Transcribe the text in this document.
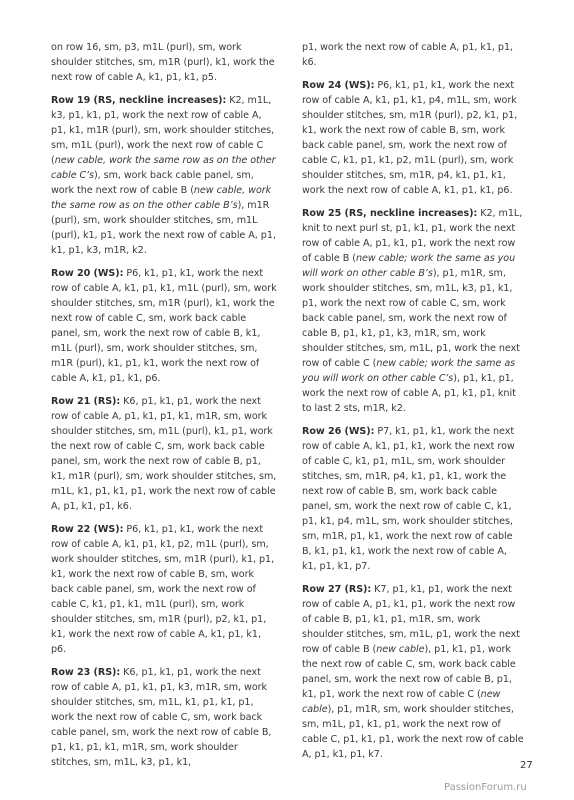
on row 16, sm, p3, m1L (purl), sm, work shoulder stitches, sm, m1R (purl), k1, work the next row of cable A, k1, p1, k1, p5.

Row 19 (RS, neckline increases): K2, m1L, k3, p1, k1, p1, work the next row of cable A, p1, k1, m1R (purl), sm, work shoulder stitches, sm, m1L (purl), work the next row of cable C (new cable, work the same row as on the other cable C’s), sm, work back cable panel, sm, work the next row of cable B (new cable, work the same row as on the other cable B’s), m1R (purl), sm, work shoulder stitches, sm, m1L (purl), k1, p1, work the next row of cable A, p1, k1, p1, k3, m1R, k2.

Row 20 (WS): P6, k1, p1, k1, work the next row of cable A, k1, p1, k1, m1L (purl), sm, work shoulder stitches, sm, m1R (purl), k1, work the next row of cable C, sm, work back cable panel, sm, work the next row of cable B, k1, m1L (purl), sm, work shoulder stitches, sm, m1R (purl), k1, p1, k1, work the next row of cable A, k1, p1, k1, p6.

Row 21 (RS): K6, p1, k1, p1, work the next row of cable A, p1, k1, p1, k1, m1R, sm, work shoulder stitches, sm, m1L (purl), k1, p1, work the next row of cable C, sm, work back cable panel, sm, work the next row of cable B, p1, k1, m1R (purl), sm, work shoulder stitches, sm, m1L, k1, p1, k1, p1, work the next row of cable A, p1, k1, p1, k6.

Row 22 (WS): P6, k1, p1, k1, work the next row of cable A, k1, p1, k1, p2, m1L (purl), sm, work shoulder stitches, sm, m1R (purl), k1, p1, k1, work the next row of cable B, sm, work back cable panel, sm, work the next row of cable C, k1, p1, k1, m1L (purl), sm, work shoulder stitches, sm, m1R (purl), p2, k1, p1, k1, work the next row of cable A, k1, p1, k1, p6.

Row 23 (RS): K6, p1, k1, p1, work the next row of cable A, p1, k1, p1, k3, m1R, sm, work shoulder stitches, sm, m1L, k1, p1, k1, p1, work the next row of cable C, sm, work back cable panel, sm, work the next row of cable B, p1, k1, p1, k1, m1R, sm, work shoulder stitches, sm, m1L, k3, p1, k1,

p1, work the next row of cable A, p1, k1, p1, k6.

Row 24 (WS): P6, k1, p1, k1, work the next row of cable A, k1, p1, k1, p4, m1L, sm, work shoulder stitches, sm, m1R (purl), p2, k1, p1, k1, work the next row of cable B, sm, work back cable panel, sm, work the next row of cable C, k1, p1, k1, p2, m1L (purl), sm, work shoulder stitches, sm, m1R, p4, k1, p1, k1, work the next row of cable A, k1, p1, k1, p6.

Row 25 (RS, neckline increases): K2, m1L, knit to next purl st, p1, k1, p1, work the next row of cable A, p1, k1, p1, work the next row of cable B (new cable; work the same as you will work on other cable B’s), p1, m1R, sm, work shoulder stitches, sm, m1L, k3, p1, k1, p1, work the next row of cable C, sm, work back cable panel, sm, work the next row of cable B, p1, k1, p1, k3, m1R, sm, work shoulder stitches, sm, m1L, p1, work the next row of cable C (new cable; work the same as you will work on other cable C’s), p1, k1, p1, work the next row of cable A, p1, k1, p1, knit to last 2 sts, m1R, k2.

Row 26 (WS): P7, k1, p1, k1, work the next row of cable A, k1, p1, k1, work the next row of cable C, k1, p1, m1L, sm, work shoulder stitches, sm, m1R, p4, k1, p1, k1, work the next row of cable B, sm, work back cable panel, sm, work the next row of cable C, k1, p1, k1, p4, m1L, sm, work shoulder stitches, sm, m1R, p1, k1, work the next row of cable B, k1, p1, k1, work the next row of cable A, k1, p1, k1, p7.

Row 27 (RS): K7, p1, k1, p1, work the next row of cable A, p1, k1, p1, work the next row of cable B, p1, k1, p1, m1R, sm, work shoulder stitches, sm, m1L, p1, work the next row of cable B (new cable), p1, k1, p1, work the next row of cable C, sm, work back cable panel, sm, work the next row of cable B, p1, k1, p1, work the next row of cable C (new cable), p1, m1R, sm, work shoulder stitches, sm, m1L, p1, k1, p1, work the next row of cable C, p1, k1, p1, work the next row of cable A, p1, k1, p1, k7.

27
PassionForum.ru
